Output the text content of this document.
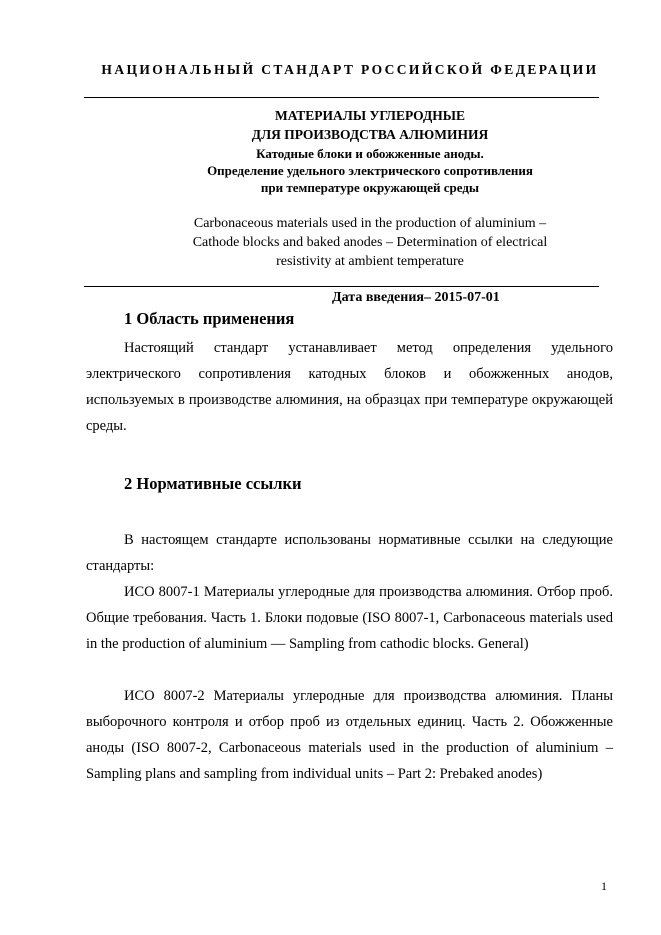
НАЦИОНАЛЬНЫЙ СТАНДАРТ РОССИЙСКОЙ ФЕДЕРАЦИИ
МАТЕРИАЛЫ УГЛЕРОДНЫЕ
ДЛЯ ПРОИЗВОДСТВА АЛЮМИНИЯ
Катодные блоки и обожженные аноды.
Определение удельного электрического сопротивления
при температуре окружающей среды
Carbonaceous materials used in the production of aluminium –
Cathode blocks and baked anodes – Determination of electrical
resistivity at ambient temperature
Дата введения– 2015-07-01
1 Область применения
Настоящий стандарт устанавливает метод определения удельного электрического сопротивления катодных блоков и обожженных анодов, используемых в производстве алюминия, на образцах при температуре окружающей среды.
2 Нормативные ссылки
В настоящем стандарте использованы нормативные ссылки на следующие стандарты:
ИСО 8007-1 Материалы углеродные для производства алюминия. Отбор проб. Общие требования. Часть 1. Блоки подовые (ISO 8007-1, Carbonaceous materials used in the production of aluminium — Sampling from cathodic blocks. General)
ИСО 8007-2 Материалы углеродные для производства алюминия. Планы выборочного контроля и отбор проб из отдельных единиц. Часть 2. Обожженные аноды (ISO 8007-2, Carbonaceous materials used in the production of aluminium – Sampling plans and sampling from individual units – Part 2: Prebaked anodes)
1
